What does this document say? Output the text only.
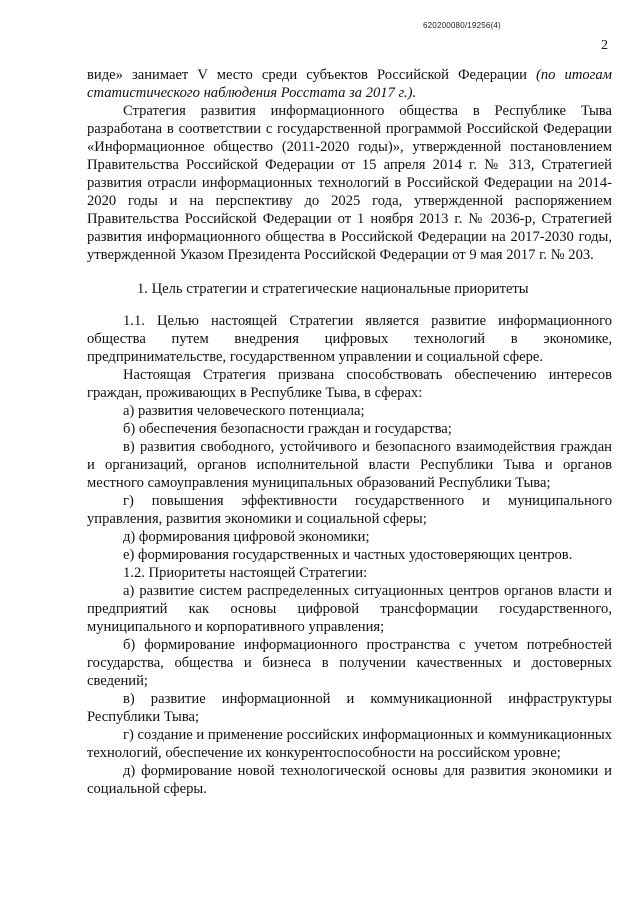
620200080/19256(4)
2

виде» занимает V место среди субъектов Российской Федерации (по итогам статистического наблюдения Росстата за 2017 г.).

Стратегия развития информационного общества в Республике Тыва разработана в соответствии с государственной программой Российской Федерации «Информационное общество (2011-2020 годы)», утвержденной постановлением Правительства Российской Федерации от 15 апреля 2014 г. № 313, Стратегией развития отрасли информационных технологий в Российской Федерации на 2014-2020 годы и на перспективу до 2025 года, утвержденной распоряжением Правительства Российской Федерации от 1 ноября 2013 г. № 2036-р, Стратегией развития информационного общества в Российской Федерации на 2017-2030 годы, утвержденной Указом Президента Российской Федерации от 9 мая 2017 г. № 203.

1. Цель стратегии и стратегические национальные приоритеты

1.1. Целью настоящей Стратегии является развитие информационного общества путем внедрения цифровых технологий в экономике, предпринимательстве, государственном управлении и социальной сфере.

Настоящая Стратегия призвана способствовать обеспечению интересов граждан, проживающих в Республике Тыва, в сферах:

а) развития человеческого потенциала;

б) обеспечения безопасности граждан и государства;

в) развития свободного, устойчивого и безопасного взаимодействия граждан и организаций, органов исполнительной власти Республики Тыва и органов местного самоуправления муниципальных образований Республики Тыва;

г) повышения эффективности государственного и муниципального управления, развития экономики и социальной сферы;

д) формирования цифровой экономики;

е) формирования государственных и частных удостоверяющих центров.

1.2. Приоритеты настоящей Стратегии:

а) развитие систем распределенных ситуационных центров органов власти и предприятий как основы цифровой трансформации государственного, муниципального и корпоративного управления;

б) формирование информационного пространства с учетом потребностей государства, общества и бизнеса в получении качественных и достоверных сведений;

в) развитие информационной и коммуникационной инфраструктуры Республики Тыва;

г) создание и применение российских информационных и коммуникационных технологий, обеспечение их конкурентоспособности на российском уровне;

д) формирование новой технологической основы для развития экономики и социальной сферы.
